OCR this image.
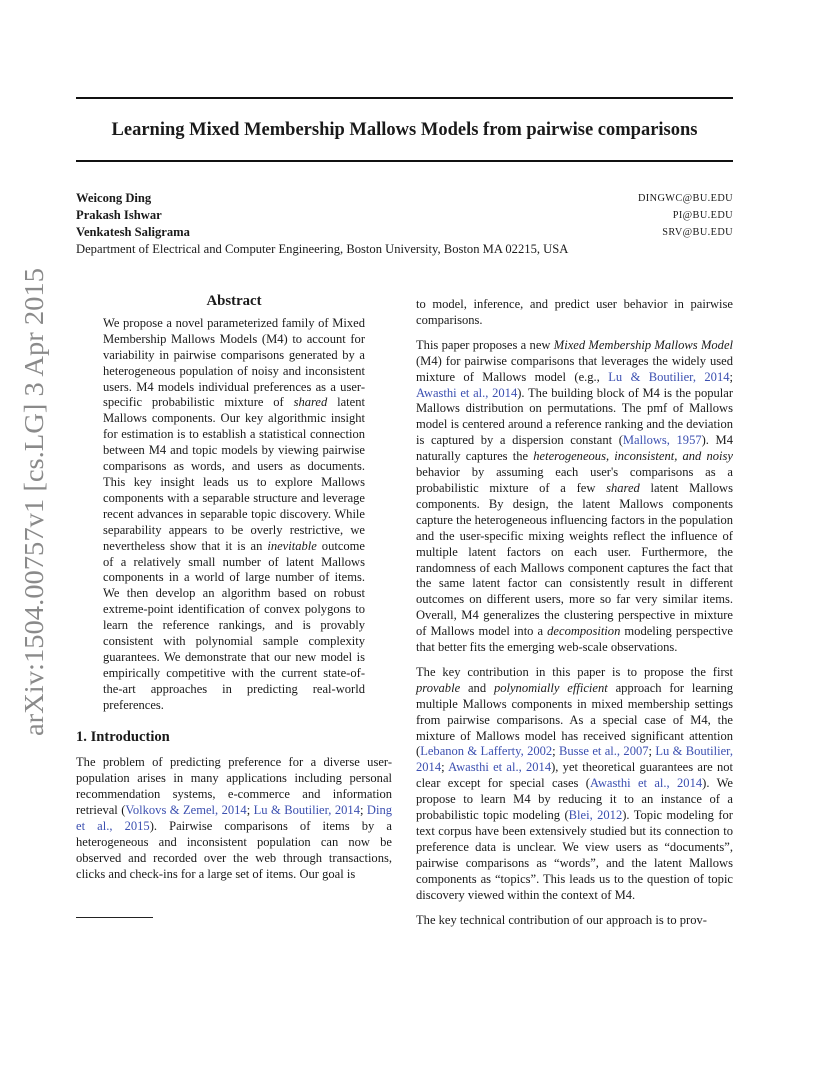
arXiv:1504.00757v1 [cs.LG] 3 Apr 2015
Learning Mixed Membership Mallows Models from pairwise comparisons
Weicong Ding	DINGWC@BU.EDU
Prakash Ishwar	PI@BU.EDU
Venkatesh Saligrama	SRV@BU.EDU
Department of Electrical and Computer Engineering, Boston University, Boston MA 02215, USA
Abstract

We propose a novel parameterized family of Mixed Membership Mallows Models (M4) to account for variability in pairwise comparisons generated by a heterogeneous population of noisy and inconsistent users. M4 models individual preferences as a user-specific probabilistic mixture of shared latent Mallows components. Our key algorithmic insight for estimation is to establish a statistical connection between M4 and topic models by viewing pairwise comparisons as words, and users as documents. This key insight leads us to explore Mallows components with a separable structure and leverage recent advances in separable topic discovery. While separability appears to be overly restrictive, we nevertheless show that it is an inevitable outcome of a relatively small number of latent Mallows components in a world of large number of items. We then develop an algorithm based on robust extreme-point identification of convex polygons to learn the reference rankings, and is provably consistent with polynomial sample complexity guarantees. We demonstrate that our new model is empirically competitive with the current state-of-the-art approaches in predicting real-world preferences.

1. Introduction

The problem of predicting preference for a diverse user-population arises in many applications including personal recommendation systems, e-commerce and information retrieval (Volkovs & Zemel, 2014; Lu & Boutilier, 2014; Ding et al., 2015). Pairwise comparisons of items by a heterogeneous and inconsistent population can now be observed and recorded over the web through transactions, clicks and check-ins for a large set of items. Our goal is

to model, inference, and predict user behavior in pairwise comparisons.

This paper proposes a new Mixed Membership Mallows Model (M4) for pairwise comparisons that leverages the widely used mixture of Mallows model (e.g., Lu & Boutilier, 2014; Awasthi et al., 2014). The building block of M4 is the popular Mallows distribution on permutations. The pmf of Mallows model is centered around a reference ranking and the deviation is captured by a dispersion constant (Mallows, 1957). M4 naturally captures the heterogeneous, inconsistent, and noisy behavior by assuming each user's comparisons as a probabilistic mixture of a few shared latent Mallows components. By design, the latent Mallows components capture the heterogeneous influencing factors in the population and the user-specific mixing weights reflect the influence of multiple latent factors on each user. Furthermore, the randomness of each Mallows component captures the fact that the same latent factor can consistently result in different outcomes on different users, more so far very similar items. Overall, M4 generalizes the clustering perspective in mixture of Mallows model into a decomposition modeling perspective that better fits the emerging web-scale observations.

The key contribution in this paper is to propose the first provable and polynomially efficient approach for learning multiple Mallows components in mixed membership settings from pairwise comparisons. As a special case of M4, the mixture of Mallows model has received significant attention (Lebanon & Lafferty, 2002; Busse et al., 2007; Lu & Boutilier, 2014; Awasthi et al., 2014), yet theoretical guarantees are not clear except for special cases (Awasthi et al., 2014). We propose to learn M4 by reducing it to an instance of a probabilistic topic modeling (Blei, 2012). Topic modeling for text corpus have been extensively studied but its connection to preference data is unclear. We view users as “documents”, pairwise comparisons as “words”, and the latent Mallows components as “topics”. This leads us to the question of topic discovery viewed within the context of M4.

The key technical contribution of our approach is to prov-
